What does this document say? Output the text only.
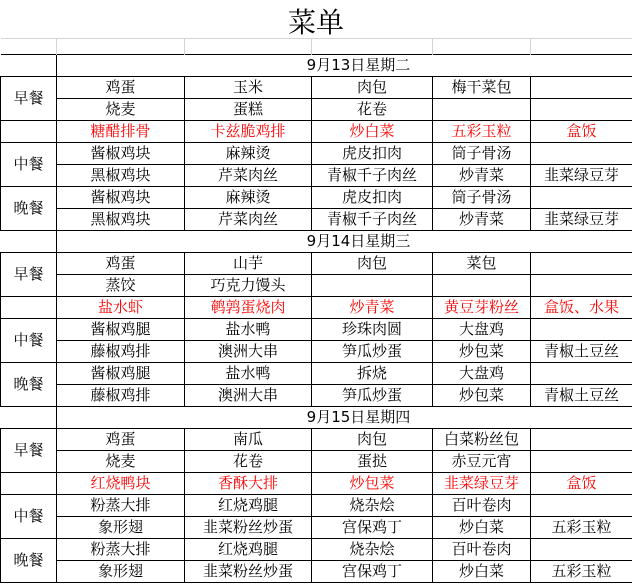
菜单

	9月13日星期二					
早餐	鸡蛋	玉米	肉包	梅干菜包		
	烧麦	蛋糕	花卷			
	糖醋排骨	卡兹脆鸡排	炒白菜	五彩玉粒	盒饭	
中餐	酱椒鸡块	麻辣烫	虎皮扣肉	筒子骨汤		
	黑椒鸡块	芹菜肉丝	青椒千子肉丝	炒青菜	韭菜绿豆芽	
晚餐	酱椒鸡块	麻辣烫	虎皮扣肉	筒子骨汤		
	黑椒鸡块	芹菜肉丝	青椒千子肉丝	炒青菜	韭菜绿豆芽	
	9月14日星期三					
早餐	鸡蛋	山芋	肉包	菜包		
	蒸饺	巧克力馒头				
	盐水虾	鹌鹑蛋烧肉	炒青菜	黄豆芽粉丝	盒饭、水果	
中餐	酱椒鸡腿	盐水鸭	珍珠肉圆	大盘鸡		
	藤椒鸡排	澳洲大串	笋瓜炒蛋	炒包菜	青椒土豆丝	
晚餐	酱椒鸡腿	盐水鸭	拆烧	大盘鸡		
	藤椒鸡排	澳洲大串	笋瓜炒蛋	炒包菜	青椒土豆丝	
	9月15日星期四					
早餐	鸡蛋	南瓜	肉包	白菜粉丝包		
	烧麦	花卷	蛋挞	赤豆元宵		
	红烧鸭块	香酥大排	炒包菜	韭菜绿豆芽	盒饭	
中餐	粉蒸大排	红烧鸡腿	烧杂烩	百叶卷肉		
	象形翅	韭菜粉丝炒蛋	宫保鸡丁	炒白菜	五彩玉粒	
晚餐	粉蒸大排	红烧鸡腿	烧杂烩	百叶卷肉		
	象形翅	韭菜粉丝炒蛋	宫保鸡丁	炒白菜	五彩玉粒	
